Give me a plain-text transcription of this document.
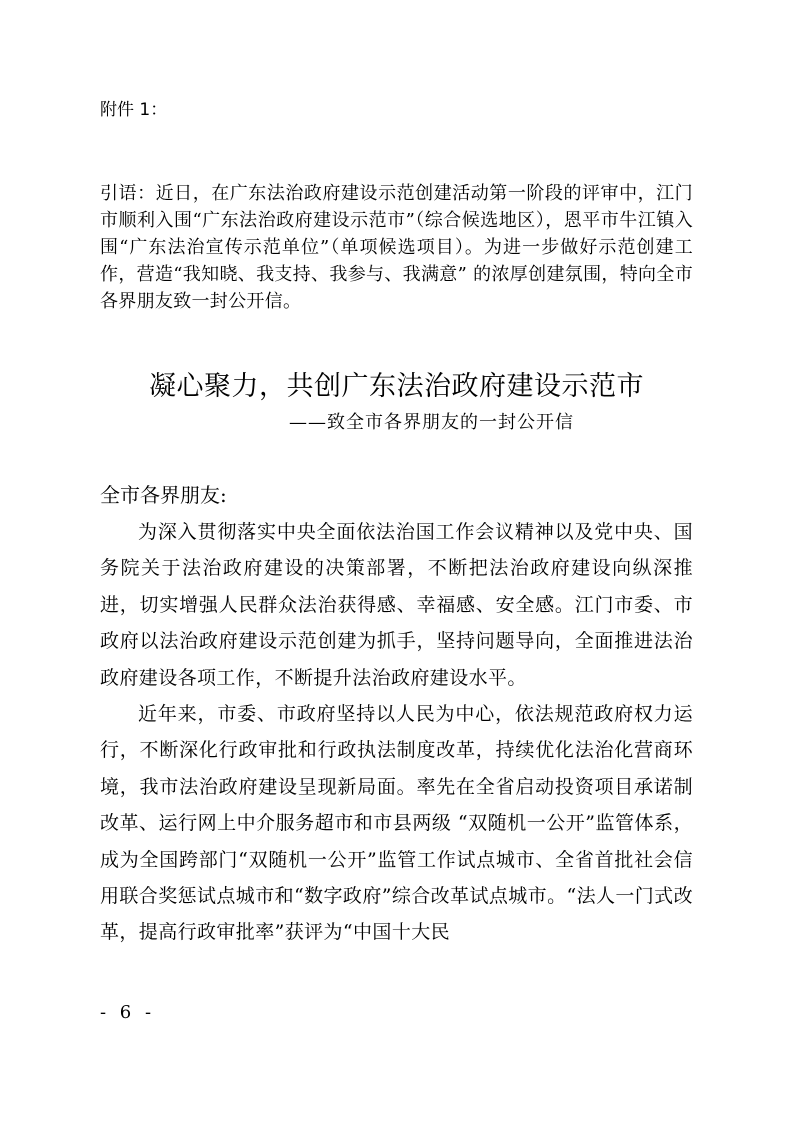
附件 1：

引语：近日，在广东法治政府建设示范创建活动第一阶段的评审中，江门市顺利入围“广东法治政府建设示范市”（综合候选地区），恩平市牛江镇入围“广东法治宣传示范单位”（单项候选项目）。为进一步做好示范创建工作，营造“我知晓、我支持、我参与、我满意” 的浓厚创建氛围，特向全市各界朋友致一封公开信。

凝心聚力，共创广东法治政府建设示范市
——致全市各界朋友的一封公开信

全市各界朋友:

为深入贯彻落实中央全面依法治国工作会议精神以及党中央、国务院关于法治政府建设的决策部署，不断把法治政府建设向纵深推进，切实增强人民群众法治获得感、幸福感、安全感。江门市委、市政府以法治政府建设示范创建为抓手，坚持问题导向，全面推进法治政府建设各项工作，不断提升法治政府建设水平。

近年来，市委、市政府坚持以人民为中心，依法规范政府权力运行，不断深化行政审批和行政执法制度改革，持续优化法治化营商环境，我市法治政府建设呈现新局面。率先在全省启动投资项目承诺制改革、运行网上中介服务超市和市县两级 “双随机一公开”监管体系，成为全国跨部门“双随机一公开”监管工作试点城市、全省首批社会信用联合奖惩试点城市和“数字政府”综合改革试点城市。“法人一门式改革，提高行政审批率”获评为“中国十大民

- 6 -
